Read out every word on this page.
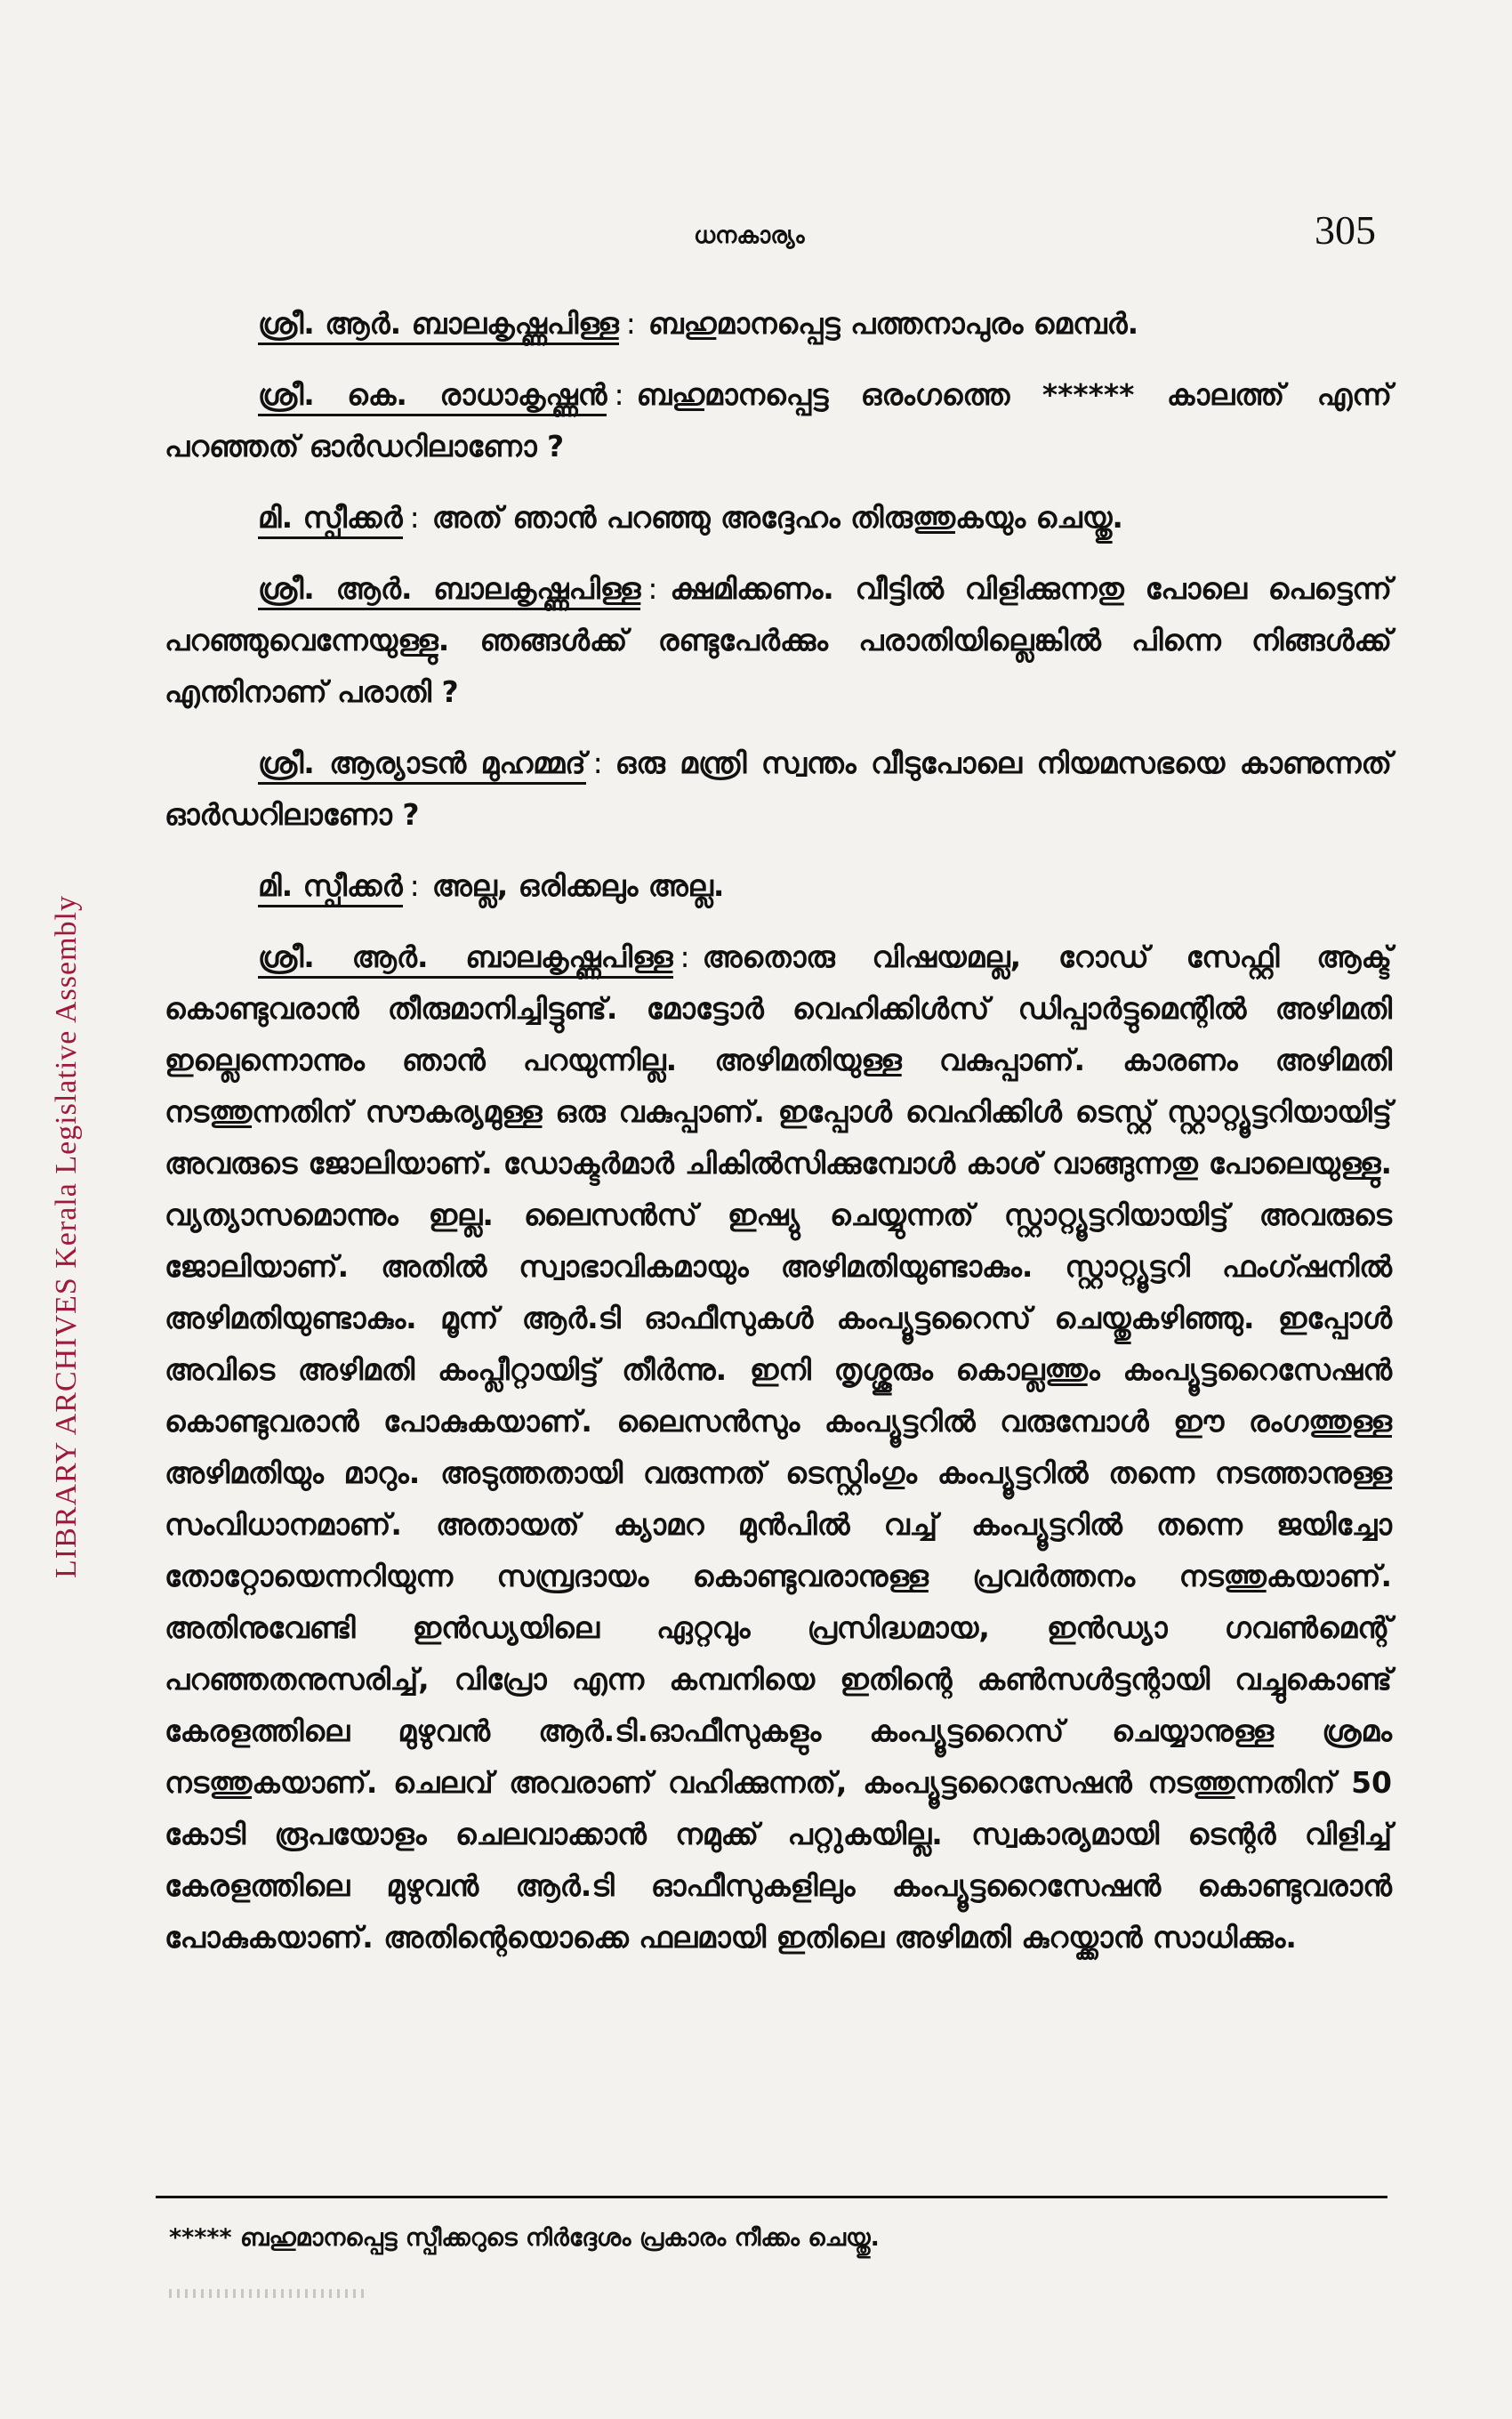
LIBRARY ARCHIVES Kerala Legislative Assembly
ധനകാര്യം	305

ശ്രീ. ആർ. ബാലകൃഷ്ണപിള്ള : ബഹുമാനപ്പെട്ട പത്തനാപുരം മെമ്പർ.

ശ്രീ. കെ. രാധാകൃഷ്ണൻ : ബഹുമാനപ്പെട്ട ഒരംഗത്തെ ****** കാലത്ത് എന്ന് പറഞ്ഞത് ഓർഡറിലാണോ ?

മി. സ്പീക്കർ : അത് ഞാൻ പറഞ്ഞു അദ്ദേഹം തിരുത്തുകയും ചെയ്തു.

ശ്രീ. ആർ. ബാലകൃഷ്ണപിള്ള : ക്ഷമിക്കണം. വീട്ടിൽ വിളിക്കുന്നതു പോലെ പെട്ടെന്ന് പറഞ്ഞുവെന്നേയുള്ളു. ഞങ്ങൾക്ക് രണ്ടുപേർക്കും പരാതിയില്ലെങ്കിൽ പിന്നെ നിങ്ങൾക്ക് എന്തിനാണ് പരാതി ?

ശ്രീ. ആര്യാടൻ മുഹമ്മദ് : ഒരു മന്ത്രി സ്വന്തം വീടുപോലെ നിയമസഭയെ കാണുന്നത് ഓർഡറിലാണോ ?

മി. സ്പീക്കർ : അല്ല, ഒരിക്കലും അല്ല.

ശ്രീ. ആർ. ബാലകൃഷ്ണപിള്ള : അതൊരു വിഷയമല്ല, റോഡ് സേഫ്റ്റി ആക്ട് കൊണ്ടുവരാൻ തീരുമാനിച്ചിട്ടുണ്ട്. മോട്ടോർ വെഹിക്കിൾസ് ഡിപ്പാർട്ടുമെന്റിൽ അഴിമതി ഇല്ലെന്നൊന്നും ഞാൻ പറയുന്നില്ല. അഴിമതിയുള്ള വകുപ്പാണ്. കാരണം അഴിമതി നടത്തുന്നതിന് സൗകര്യമുള്ള ഒരു വകുപ്പാണ്. ഇപ്പോൾ വെഹിക്കിൾ ടെസ്റ്റ് സ്റ്റാറ്റ്യൂട്ടറിയായിട്ട് അവരുടെ ജോലിയാണ്. ഡോക്ടർമാർ ചികിൽസിക്കുമ്പോൾ കാശ് വാങ്ങുന്നതു പോലെയുള്ളു. വ്യത്യാസമൊന്നും ഇല്ല. ലൈസൻസ് ഇഷ്യു ചെയ്യുന്നത് സ്റ്റാറ്റ്യൂട്ടറിയായിട്ട് അവരുടെ ജോലിയാണ്. അതിൽ സ്വാഭാവികമായും അഴിമതിയുണ്ടാകും. സ്റ്റാറ്റ്യൂട്ടറി ഫംഗ്ഷനിൽ അഴിമതിയുണ്ടാകും. മൂന്ന് ആർ.ടി ഓഫീസുകൾ കംപ്യൂട്ടറൈസ് ചെയ്തുകഴിഞ്ഞു. ഇപ്പോൾ അവിടെ അഴിമതി കംപ്ലീറ്റായിട്ട് തീർന്നു. ഇനി തൃശ്ശൂരും കൊല്ലത്തും കംപ്യൂട്ടറൈസേഷൻ കൊണ്ടുവരാൻ പോകുകയാണ്. ലൈസൻസും കംപ്യൂട്ടറിൽ വരുമ്പോൾ ഈ രംഗത്തുള്ള അഴിമതിയും മാറും. അടുത്തതായി വരുന്നത് ടെസ്റ്റിംഗും കംപ്യൂട്ടറിൽ തന്നെ നടത്താനുള്ള സംവിധാനമാണ്. അതായത് ക്യാമറ മുൻപിൽ വച്ച് കംപ്യൂട്ടറിൽ തന്നെ ജയിച്ചോ തോറ്റോയെന്നറിയുന്ന സമ്പ്രദായം കൊണ്ടുവരാനുള്ള പ്രവർത്തനം നടത്തുകയാണ്. അതിനുവേണ്ടി ഇൻഡ്യയിലെ ഏറ്റവും പ്രസിദ്ധമായ, ഇൻഡ്യാ ഗവൺമെന്റ് പറഞ്ഞതനുസരിച്ച്, വിപ്രോ എന്ന കമ്പനിയെ ഇതിന്റെ കൺസൾട്ടന്റായി വച്ചുകൊണ്ട് കേരളത്തിലെ മുഴുവൻ ആർ.ടി.ഓഫീസുകളും കംപ്യൂട്ടറൈസ് ചെയ്യാനുള്ള ശ്രമം നടത്തുകയാണ്. ചെലവ് അവരാണ് വഹിക്കുന്നത്, കംപ്യൂട്ടറൈസേഷൻ നടത്തുന്നതിന് 50 കോടി രൂപയോളം ചെലവാക്കാൻ നമുക്ക് പറ്റുകയില്ല. സ്വകാര്യമായി ടെന്റർ വിളിച്ച് കേരളത്തിലെ മുഴുവൻ ആർ.ടി ഓഫീസുകളിലും കംപ്യൂട്ടറൈസേഷൻ കൊണ്ടുവരാൻ പോകുകയാണ്. അതിന്റെയൊക്കെ ഫലമായി ഇതിലെ അഴിമതി കുറയ്ക്കാൻ സാധിക്കും.

***** ബഹുമാനപ്പെട്ട സ്പീക്കറുടെ നിർദ്ദേശം പ്രകാരം നീക്കം ചെയ്തു.
